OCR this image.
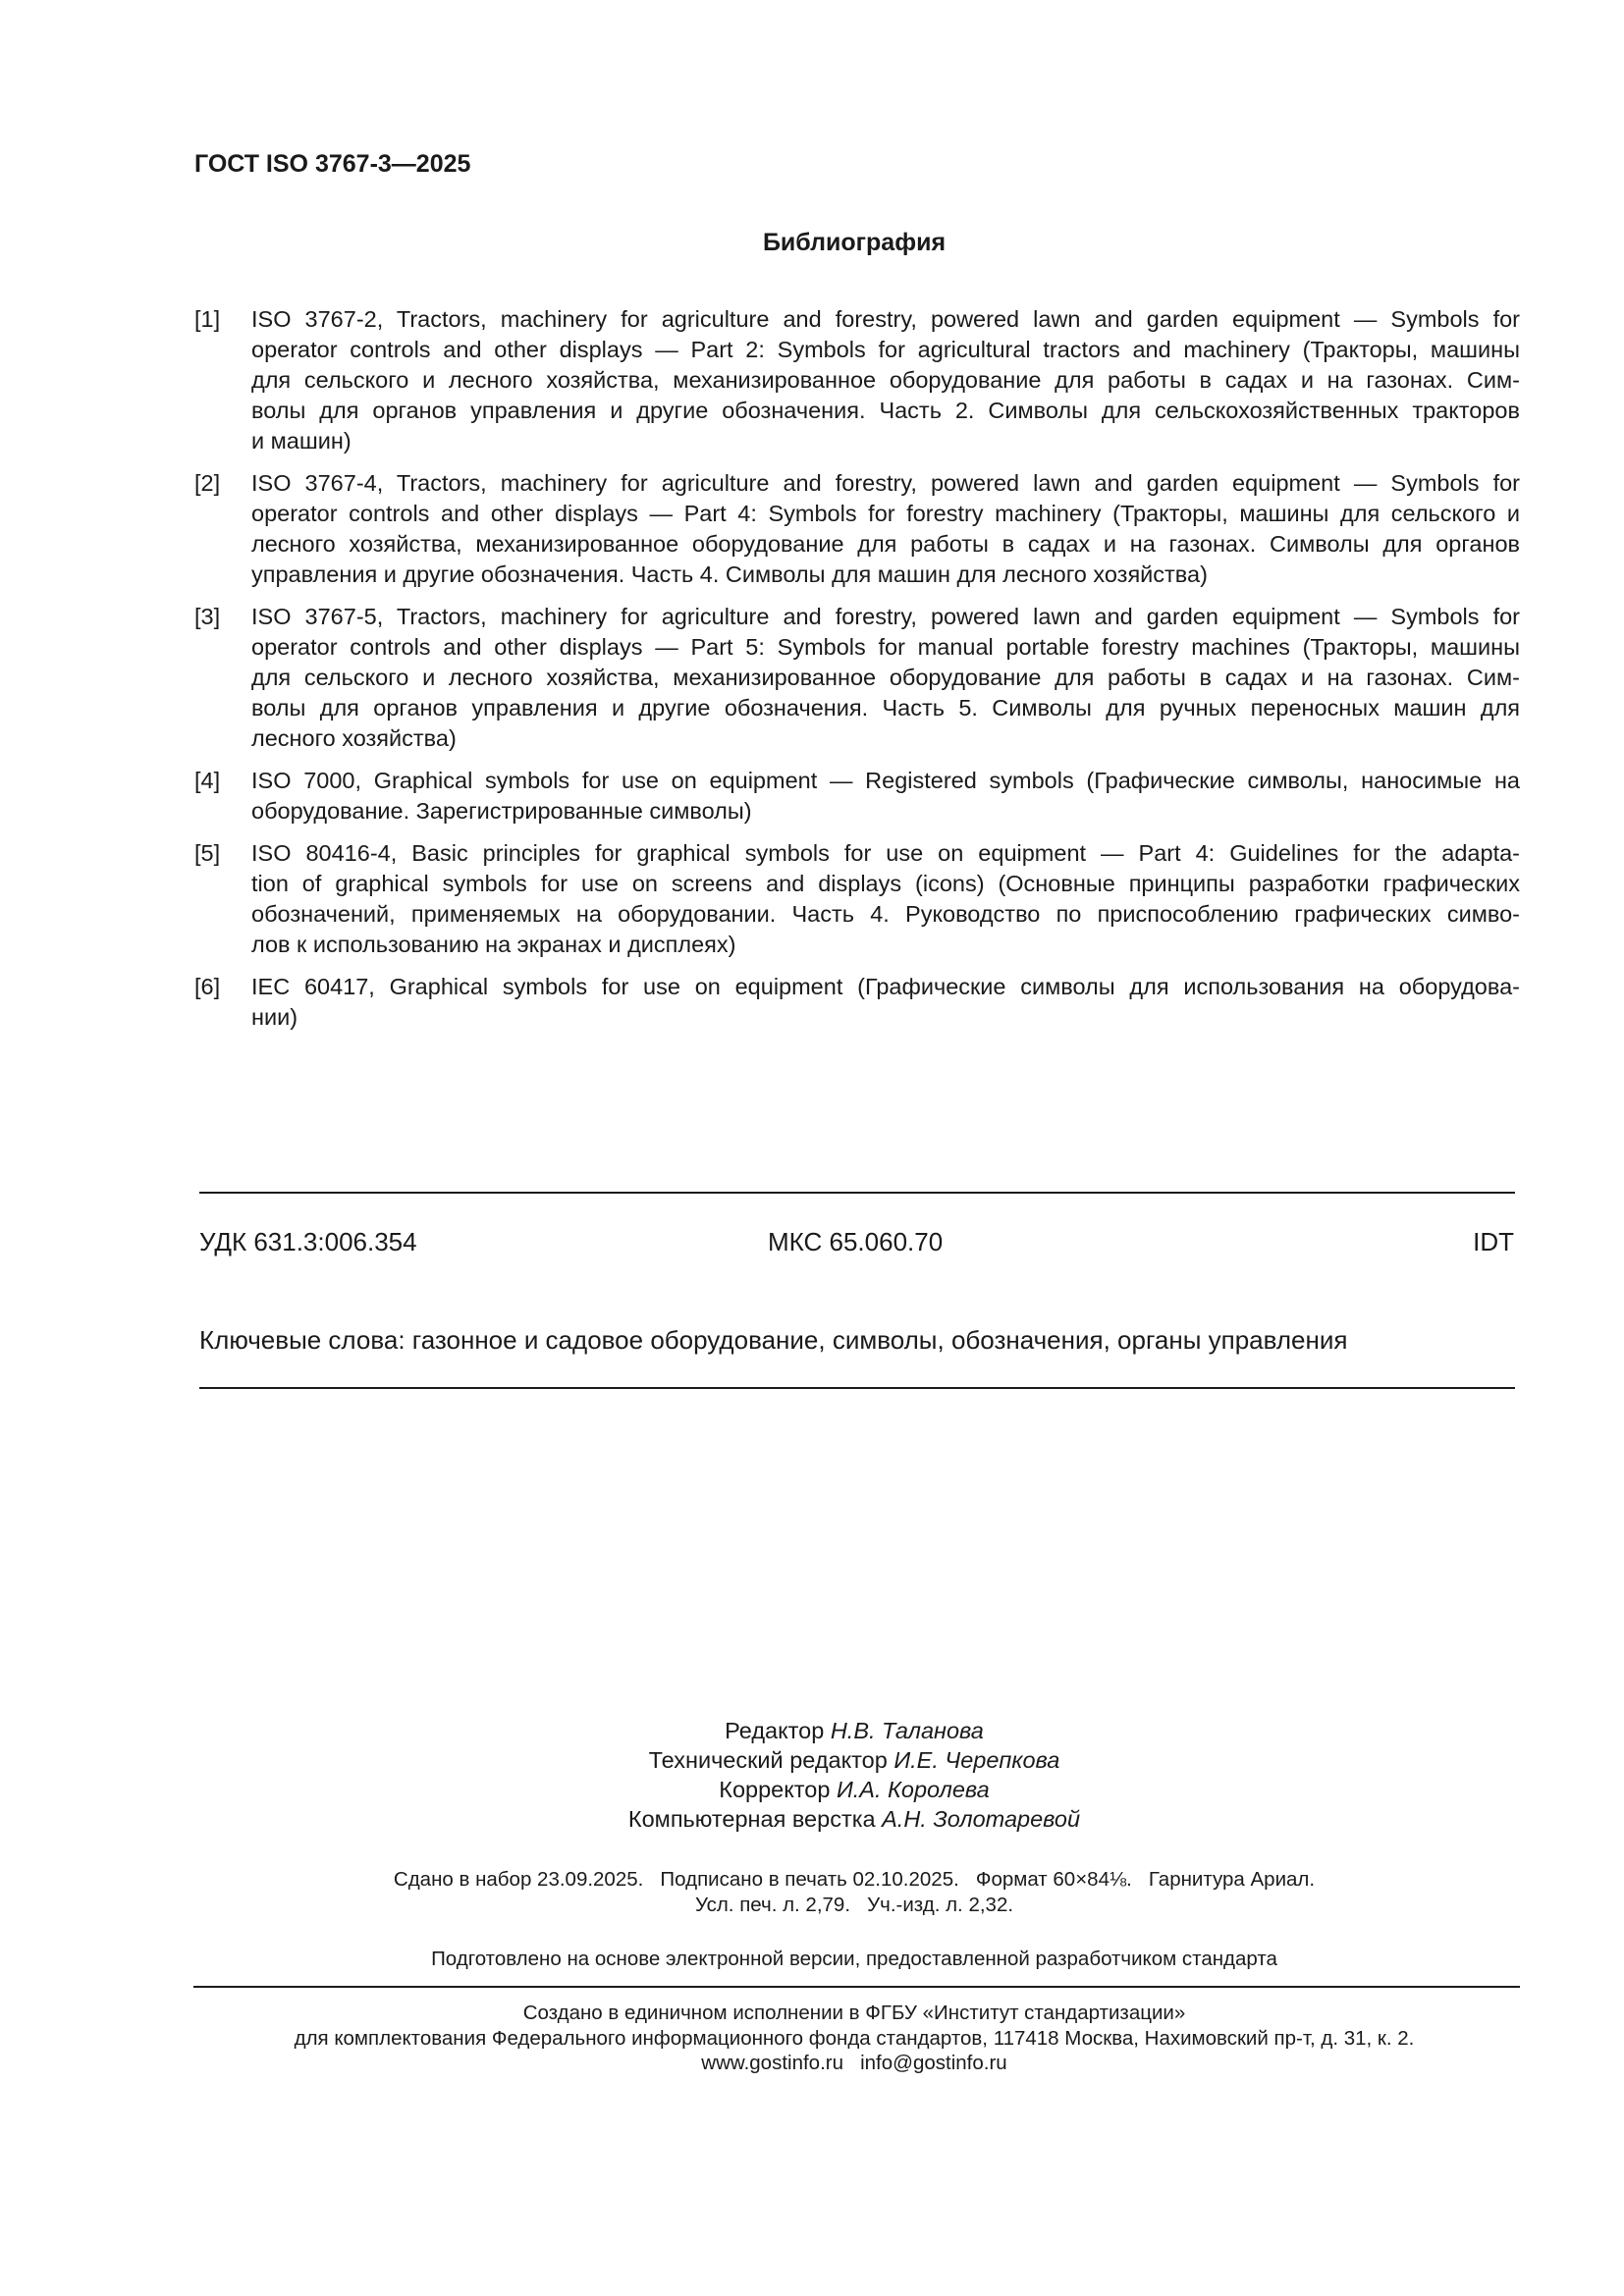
ГОСТ ISO 3767-3—2025
Библиография
[1] ISO 3767-2, Tractors, machinery for agriculture and forestry, powered lawn and garden equipment — Symbols for
operator controls and other displays — Part 2: Symbols for agricultural tractors and machinery (Тракторы, машины
для сельского и лесного хозяйства, механизированное оборудование для работы в садах и на газонах. Сим-
волы для органов управления и другие обозначения. Часть 2. Символы для сельскохозяйственных тракторов
и машин)
[2] ISO 3767-4, Tractors, machinery for agriculture and forestry, powered lawn and garden equipment — Symbols for
operator controls and other displays — Part 4: Symbols for forestry machinery (Тракторы, машины для сельского и
лесного хозяйства, механизированное оборудование для работы в садах и на газонах. Символы для органов
управления и другие обозначения. Часть 4. Символы для машин для лесного хозяйства)
[3] ISO 3767-5, Tractors, machinery for agriculture and forestry, powered lawn and garden equipment — Symbols for
operator controls and other displays — Part 5: Symbols for manual portable forestry machines (Тракторы, машины
для сельского и лесного хозяйства, механизированное оборудование для работы в садах и на газонах. Сим-
волы для органов управления и другие обозначения. Часть 5. Символы для ручных переносных машин для
лесного хозяйства)
[4] ISO 7000, Graphical symbols for use on equipment — Registered symbols (Графические символы, наносимые на
оборудование. Зарегистрированные символы)
[5] ISO 80416-4, Basic principles for graphical symbols for use on equipment — Part 4: Guidelines for the adapta-
tion of graphical symbols for use on screens and displays (icons) (Основные принципы разработки графических
обозначений, применяемых на оборудовании. Часть 4. Руководство по приспособлению графических симво-
лов к использованию на экранах и дисплеях)
[6] IEC 60417, Graphical symbols for use on equipment (Графические символы для использования на оборудова-
нии)
УДК 631.3:006.354	МКС 65.060.70	IDT
Ключевые слова: газонное и садовое оборудование, символы, обозначения, органы управления
Редактор Н.В. Таланова
Технический редактор И.Е. Черепкова
Корректор И.А. Королева
Компьютерная верстка А.Н. Золотаревой
Сдано в набор 23.09.2025.   Подписано в печать 02.10.2025.   Формат 60×84⅛.   Гарнитура Ариал.
Усл. печ. л. 2,79.   Уч.-изд. л. 2,32.
Подготовлено на основе электронной версии, предоставленной разработчиком стандарта
Создано в единичном исполнении в ФГБУ «Институт стандартизации»
для комплектования Федерального информационного фонда стандартов, 117418 Москва, Нахимовский пр-т, д. 31, к. 2.
www.gostinfo.ru info@gostinfo.ru
